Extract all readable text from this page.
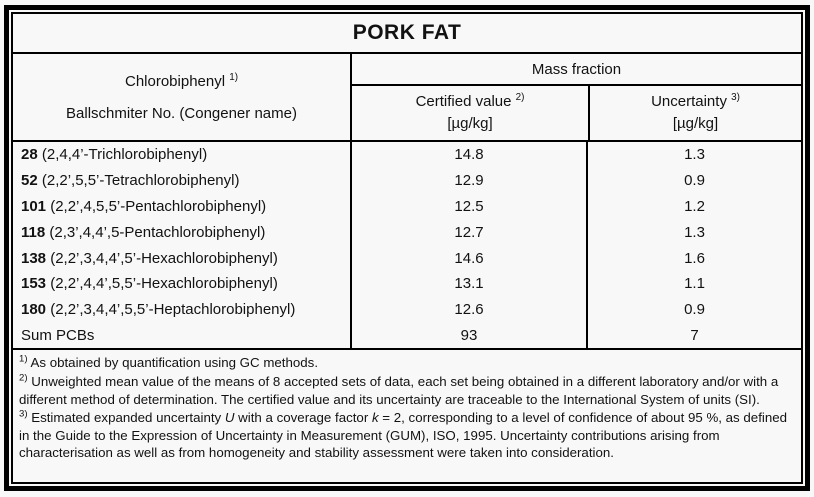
PORK FAT
Chlorobiphenyl $^{1)}$
Ballschmiter No. (Congener name)
Mass fraction
Certified value $^{2)}$
[µg/kg]
Uncertainty $^{3)}$
[µg/kg]
28 (2,4,4’-Trichlorobiphenyl)	14.8	1.3
52 (2,2’,5,5’-Tetrachlorobiphenyl)	12.9	0.9
101 (2,2’,4,5,5’-Pentachlorobiphenyl)	12.5	1.2
118 (2,3’,4,4’,5-Pentachlorobiphenyl)	12.7	1.3
138 (2,2’,3,4,4’,5’-Hexachlorobiphenyl)	14.6	1.6
153 (2,2’,4,4’,5,5’-Hexachlorobiphenyl)	13.1	1.1
180 (2,2’,3,4,4’,5,5’-Heptachlorobiphenyl)	12.6	0.9
Sum PCBs	93	7

$^{1)}$ As obtained by quantification using GC methods.

$^{2)}$ Unweighted mean value of the means of 8 accepted sets of data, each set being obtained in a different laboratory and/or with a different method of determination. The certified value and its uncertainty are traceable to the International System of units (SI).

$^{3)}$ Estimated expanded uncertainty U with a coverage factor k = 2, corresponding to a level of confidence of about 95 %, as defined in the Guide to the Expression of Uncertainty in Measurement (GUM), ISO, 1995. Uncertainty contributions arising from characterisation as well as from homogeneity and stability assessment were taken into consideration.
